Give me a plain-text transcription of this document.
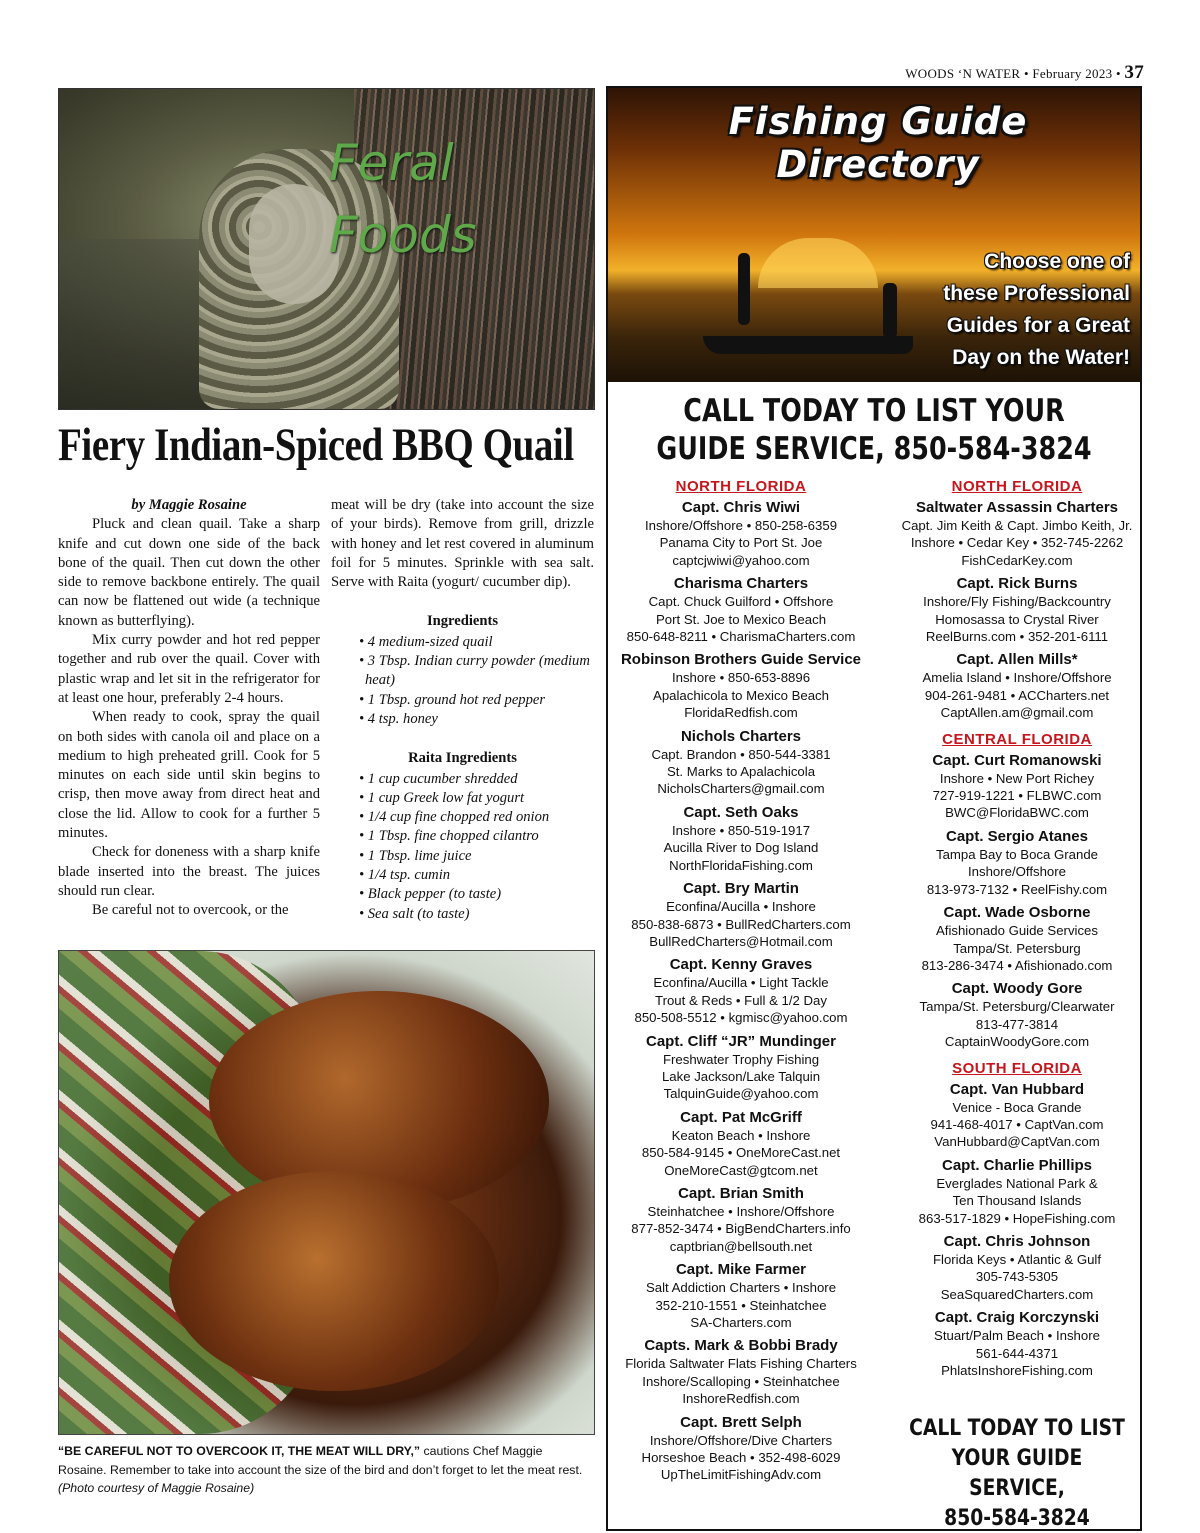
WOODS ‘N WATER • February 2023 • 37
Feral
Foods
Fiery Indian-Spiced BBQ Quail

by Maggie Rosaine

Pluck and clean quail. Take a sharp knife and cut down one side of the back bone of the quail. Then cut down the other side to remove backbone entirely. The quail can now be flattened out wide (a technique known as butterflying).

Mix curry powder and hot red pepper together and rub over the quail. Cover with plastic wrap and let sit in the refrigerator for at least one hour, preferably 2-4 hours.

When ready to cook, spray the quail on both sides with canola oil and place on a medium to high preheated grill. Cook for 5 minutes on each side until skin begins to crisp, then move away from direct heat and close the lid. Allow to cook for a further 5 minutes.

Check for doneness with a sharp knife blade inserted into the breast. The juices should run clear.

Be careful not to overcook, or the

meat will be dry (take into account the size of your birds). Remove from grill, drizzle with honey and let rest covered in aluminum foil for 5 minutes. Sprinkle with sea salt. Serve with Raita (yogurt/ cucumber dip).

Ingredients
• 4 medium-sized quail
• 3 Tbsp. Indian curry powder (medium heat)
• 1 Tbsp. ground hot red pepper
• 4 tsp. honey
Raita Ingredients
• 1 cup cucumber shredded
• 1 cup Greek low fat yogurt
• 1/4 cup fine chopped red onion
• 1 Tbsp. fine chopped cilantro
• 1 Tbsp. lime juice
• 1/4 tsp. cumin
• Black pepper (to taste)
• Sea salt (to taste)
“BE CAREFUL NOT TO OVERCOOK IT, THE MEAT WILL DRY,” cautions Chef Maggie Rosaine. Remember to take into account the size of the bird and don’t forget to let the meat rest. (Photo courtesy of Maggie Rosaine)
Fishing Guide Directory
Choose one of
these Professional
Guides for a Great
Day on the Water!
CALL TODAY TO LIST YOUR
GUIDE SERVICE, 850-584-3824
NORTH FLORIDA
Capt. Chris Wiwi
Inshore/Offshore • 850-258-6359
Panama City to Port St. Joe
captcjwiwi@yahoo.com
Charisma Charters
Capt. Chuck Guilford • Offshore
Port St. Joe to Mexico Beach
850-648-8211 • CharismaCharters.com
Robinson Brothers Guide Service
Inshore • 850-653-8896
Apalachicola to Mexico Beach
FloridaRedfish.com
Nichols Charters
Capt. Brandon • 850-544-3381
St. Marks to Apalachicola
NicholsCharters@gmail.com
Capt. Seth Oaks
Inshore • 850-519-1917
Aucilla River to Dog Island
NorthFloridaFishing.com
Capt. Bry Martin
Econfina/Aucilla • Inshore
850-838-6873 • BullRedCharters.com
BullRedCharters@Hotmail.com
Capt. Kenny Graves
Econfina/Aucilla • Light Tackle
Trout & Reds • Full & 1/2 Day
850-508-5512 • kgmisc@yahoo.com
Capt. Cliff “JR” Mundinger
Freshwater Trophy Fishing
Lake Jackson/Lake Talquin
TalquinGuide@yahoo.com
Capt. Pat McGriff
Keaton Beach • Inshore
850-584-9145 • OneMoreCast.net
OneMoreCast@gtcom.net
Capt. Brian Smith
Steinhatchee • Inshore/Offshore
877-852-3474 • BigBendCharters.info
captbrian@bellsouth.net
Capt. Mike Farmer
Salt Addiction Charters • Inshore
352-210-1551 • Steinhatchee
SA-Charters.com
Capts. Mark & Bobbi Brady
Florida Saltwater Flats Fishing Charters
Inshore/Scalloping • Steinhatchee
InshoreRedfish.com
Capt. Brett Selph
Inshore/Offshore/Dive Charters
Horseshoe Beach • 352-498-6029
UpTheLimitFishingAdv.com
NORTH FLORIDA
Saltwater Assassin Charters
Capt. Jim Keith & Capt. Jimbo Keith, Jr.
Inshore • Cedar Key • 352-745-2262
FishCedarKey.com
Capt. Rick Burns
Inshore/Fly Fishing/Backcountry
Homosassa to Crystal River
ReelBurns.com • 352-201-6111
Capt. Allen Mills*
Amelia Island • Inshore/Offshore
904-261-9481 • ACCharters.net
CaptAllen.am@gmail.com
CENTRAL FLORIDA
Capt. Curt Romanowski
Inshore • New Port Richey
727-919-1221 • FLBWC.com
BWC@FloridaBWC.com
Capt. Sergio Atanes
Tampa Bay to Boca Grande
Inshore/Offshore
813-973-7132 • ReelFishy.com
Capt. Wade Osborne
Afishionado Guide Services
Tampa/St. Petersburg
813-286-3474 • Afishionado.com
Capt. Woody Gore
Tampa/St. Petersburg/Clearwater
813-477-3814
CaptainWoodyGore.com
SOUTH FLORIDA
Capt. Van Hubbard
Venice - Boca Grande
941-468-4017 • CaptVan.com
VanHubbard@CaptVan.com
Capt. Charlie Phillips
Everglades National Park &
Ten Thousand Islands
863-517-1829 • HopeFishing.com
Capt. Chris Johnson
Florida Keys • Atlantic & Gulf
305-743-5305
SeaSquaredCharters.com
Capt. Craig Korczynski
Stuart/Palm Beach • Inshore
561-644-4371
PhlatsInshoreFishing.com
CALL TODAY TO LIST
YOUR GUIDE SERVICE,
850-584-3824
